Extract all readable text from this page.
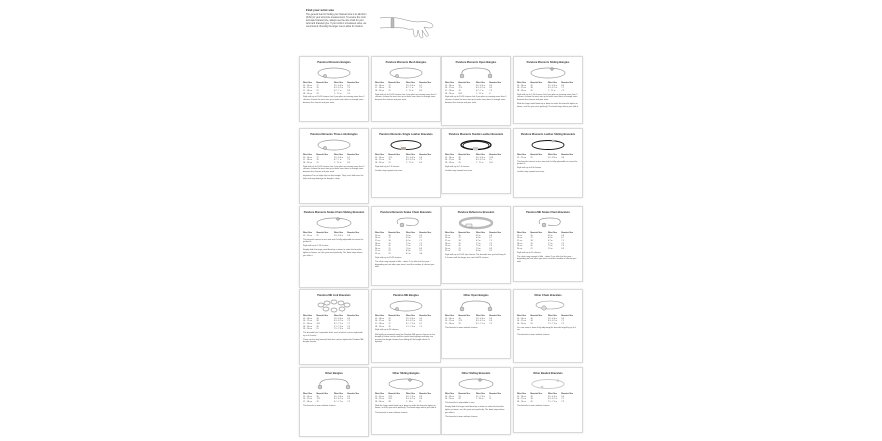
Find your wrist size
The general rule for finding your bracelet size is to add 2cm (0.8in) to your wrist size measurement. To ensure the most accurate bracelet size, always use the size chart for your wrist and bracelet type. If your wrist is in-between sizes, we recommend choosing the larger one to allow for charms.
Pandora Moments Bangles
Wrist Size	Bracelet Size	Wrist Size	Bracelet Size
15 - 16 cm	17	5.9 - 6.3 in	6.7
16 - 17 cm	19	6.3 - 6.7 in	7.5
17 - 18 cm	21	6.7 - 7 in	8.3
18 - 19 cm	23	7 - 7.5 in	9.1
Style with up to 10-16 charms, but if you plan on wearing more than 5 charms, choose the next size up to make sure there is enough room between the charms and your wrist.
Pandora Moments Mesh Bangles
Wrist Size	Bracelet Size	Wrist Size	Bracelet Size
15 - 16 cm	17	5.9 - 6.3 in	6.7
17 - 18 cm	19	6.7 - 7 in	7.5
18 - 19 cm	21	7 - 7.5 in	8.3
Style with up to 10-16 charms, but if you plan on wearing more than 5 charms, choose the next size up to make sure there is enough room between the charms and your wrist.
Pandora Moments Open Bangles
Wrist Size	Bracelet Size	Wrist Size	Bracelet Size
15 - 16 cm	16	5.9 - 6.3 in	6.3
16 - 17 cm	17.5	6.3 - 6.7 in	6.9
17 - 18 cm	19	6.7 - 7 in	7.5
18 - 19 cm	20.5	7 - 7.5 in	8
Style with up to 10-16 charms, but if you plan on wearing more than 5 charms, choose the next size up to make sure there is enough room between the charms and your wrist.
Pandora Moments Sliding Bangles
Wrist Size	Bracelet Size	Wrist Size	Bracelet Size
14 - 16 cm	16	5.5 - 6.3 in	6.3
16 - 17 cm	18	6.3 - 6.7 in	7.1
18 - 19 cm	20	7 - 7.5 in	7.9
Style with up to 7-10 charms, but if you plan on wearing more than 5 charms, choose the next size up to make sure there is enough room between the charms and your wrist.
Slide the large metal bead up or down to make the bracelet tighter or looser, so it fits your wrist perfectly. The bead stays where you slide it.
Pandora Moments Three-Link Bangles
Wrist Size	Bracelet Size	Wrist Size	Bracelet Size
15 - 16 cm	17	5.9 - 6.3 in	6.7
17 - 18 cm	19	6.7 - 7 in	7.5
18 - 19 cm	21	7 - 7.5 in	8.3
Style with up to 10-16 charms, but if you plan on wearing more than 5 charms, choose the next size up to make sure there is enough room between the charms and your wrist.
Important: Do not style clips on this bangle. They can't slide over the links and may damage the bangle's clasp.
Pandora Moments Single Leather Bracelets
Wrist Size	Bracelet Size	Wrist Size	Bracelet Size
15 - 16 cm	17.5	5.9 - 6.3 in	6.9
16 - 17 cm	19	6.3 - 6.7 in	7.5
18 - 19 cm	21	7 - 7.5 in	8.3
Style with up to 7-9 charms.
Leather may expand over time.
Pandora Moments Double Leather Bracelets
Wrist Size	Bracelet Size	Wrist Size	Bracelet Size
15 - 16 cm	35	5.9 - 6.3 in	13.8
16 - 17 cm	38	6.3 - 6.7 in	15
18 - 19 cm	41	7 - 7.5 in	16.1
Style with up to 7-9 charms.
Leather may expand over time.
Pandora Moments Leather Sliding Bracelets
Wrist Size	Bracelet Size	Wrist Size	Bracelet Size
15 - 21 cm	25	5.9 - 8.3 in	9.8
This bracelet comes in one size and it's fully adjustable to create the perfect fit.
Style with up to 6-8 charms.
Leather may expand over time.
Pandora Moments Snake Chain Sliding Bracelets
Wrist Size	Bracelet Size	Wrist Size	Bracelet Size
15 - 21 cm	25	5.9 - 8.3 in	9.8
This bracelet comes in one size and it's fully adjustable to create the perfect fit.
Style with up to 7-10 charms.
Simply slide the large metal bead up or down to make the bracelet tighter or looser, so it fits your wrist perfectly. The bead stays where you slide it.
Pandora Moments Snake Chain Bracelets
Wrist Size	Bracelet Size	Wrist Size	Bracelet Size
15 cm	16	5.9 in	6.3
16 cm	17	6.3 in	6.7
17 cm	18	6.7 in	7.1
18 cm	19	7.1 in	7.5
19 cm	20	7.5 in	7.9
20 cm	21	7.9 in	8.3
21 cm	23	8.3 in	9.1
22 cm	25	8.7 in	9.8
Style with up to 15-20 charms.
The chain may expand a little – about 1 cm after the first year – depending on how often you wear it and the number of charms you add.
Pandora Reflexions Bracelets
Wrist Size	Bracelet Size	Wrist Size	Bracelet Size
15 cm	16	5.9 in	6.3
16 cm	17	6.3 in	6.7
17 cm	18	6.7 in	7.1
18 cm	19	7.1 in	7.5
19 cm	20	7.5 in	7.9
20 cm	21	7.9 in	8.3
21 cm	23	8.3 in	9.1
Style with up to 10-14 clip charms. The bracelet size you hold may fit 5 charms well the larger size can hold 14 charms.
Pandora ME Snake Chain Bracelets
Wrist Size	Bracelet Size	Wrist Size	Bracelet Size
15 cm	16	5.9 in	6.3
16 cm	17	6.3 in	6.7
17 cm	18	6.7 in	7.1
18 cm	19	7.1 in	7.5
19 cm	20	7.5 in	7.9
20 cm	21	7.9 in	8.3
Style with up to 10 charms.
The chain may expand a little – about 1 cm after the first year – depending on how often you wear it and the number of charms you add.
Pandora ME Link Bracelets
Wrist Size	Bracelet Size	Wrist Size	Bracelet Size
15 - 16 cm	16	5.9 - 6.3 in	6.3
16 - 17 cm	18	6.3 - 6.7 in	7.1
17 - 18 cm	19.5	6.7 - 7.1 in	7.7
18 - 19 cm	20	7.1 - 7.5 in	7.9
19 - 20 cm	21	7.5 - 7.9 in	8.3
The bracelet has 5 openable links, each of which can be styled with up to 4 charms.
There are the only bracelet links that can be styled with Pandora ME dangle charms.
Pandora ME Bangles
Wrist Size	Bracelet Size	Wrist Size	Bracelet Size
15 - 16 cm	15	5.9 - 6.3 in	5.9
16 - 17 cm	16	6.3 - 6.7 in	6.3
17 - 18 cm	17	6.7 - 7.1 in	6.7
18 - 19 cm	19	7.1 - 7.5 in	7.5
Style with up to 36 charms.
We highly recommend using the Pandora ME spacer charms on the bangle as these can be used to create fixed stylings and they can prevent the dangle charms from falling off the bangle when it's opened.
Other Open Bangles
Wrist Size	Bracelet Size	Wrist Size	Bracelet Size
15 - 16 cm	16	5.9 - 6.3 in	6.3
16 - 17 cm	17.5	6.3 - 6.7 in	6.9
17 - 18 cm	19	6.7 - 7.1 in	7.5
This bracelet is worn without charms.
Other Chain Bracelets
Wrist Size	Bracelet Size	Wrist Size	Bracelet Size
15 - 16 cm	16	5.9 - 6.3 in	6.3
16 - 17 cm	18	6.3 - 6.7 in	7.1
18 - 19 cm	20	7.1 - 7.5 in	7.9
You can move a loose fit by adjusting the bracelet length by up to 1 cm.
This bracelet is worn without charms.
Other Bangles
Wrist Size	Bracelet Size	Wrist Size	Bracelet Size
15 - 16 cm	16	5.9 - 6.3 in	6.3
16 - 17 cm	17.5	6.3 - 6.7 in	6.9
17 - 18 cm	19	6.7 - 7.1 in	7.5
This bracelet is worn without charms.
Other Sliding Bangles
Wrist Size	Bracelet Size	Wrist Size	Bracelet Size
15 - 20 cm	22.5	5.9 - 7.9 in	8.9
16 - 22 cm	24.5	6.3 - 8.7 in	9.6
18 - 26 cm	28	7 - 10 in	11
Slide the large metal bead up or down to make the bracelet tighter or looser, so it fits your wrist perfectly. The bead stays where you slide it.
This bracelet is worn without charms.
Other Sliding Bracelets
Wrist Size	Bracelet Size	Wrist Size	Bracelet Size
14 - 20 cm	23	5.5 - 7.9 in	9
20 - 25 cm	28	7 - 9.8 in	11
This bracelet is adjustable in size.
Simply slide the large metal bead up or down to make the bracelet tighter or looser, so it fits your wrist perfectly. The bead stays where you slide it.
This bracelet is worn without charms.
Other Beaded Bracelets
Wrist Size	Bracelet Size	Wrist Size	Bracelet Size
15 - 16 cm	16	5.9 - 6.3 in	6.3
16 - 17 cm	18	6.3 - 6.7 in	7.1
18 - 19 cm	20	7.1 - 7.5 in	7.9
This bracelet is worn without charms.
